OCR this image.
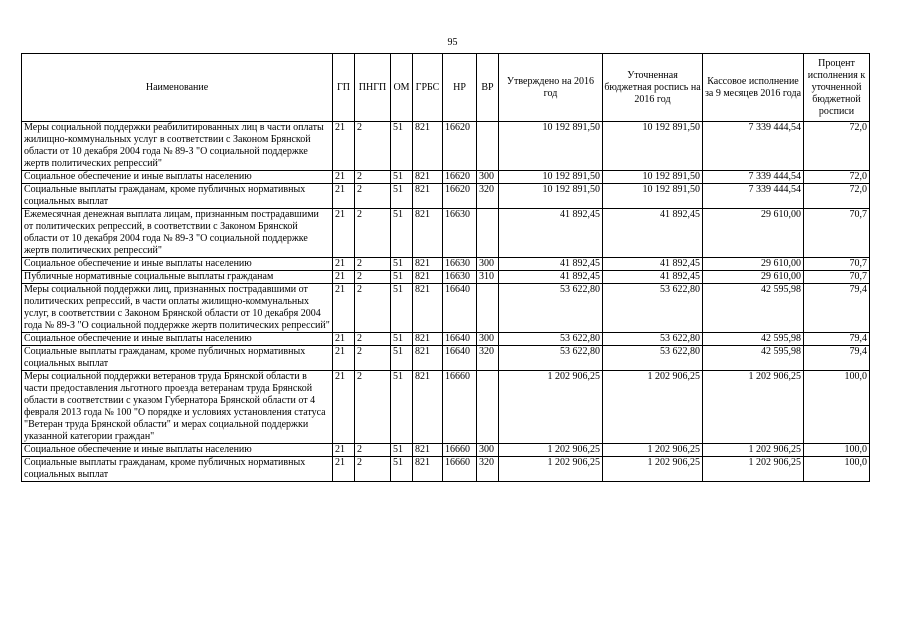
95
Наименование	ГП	ПНГП	ОМ	ГРБС	НР	ВР	Утверждено на 2016 год	Уточненная бюджетная роспись на 2016 год	Кассовое исполнение за 9 месяцев 2016 года	Процент исполнения к уточненной бюджетной росписи
Меры социальной поддержки реабилитированных лиц в части оплаты жилищно-коммунальных услуг в соответствии с Законом Брянской области от 10 декабря 2004 года № 89-З "О социальной поддержке жертв политических репрессий"	21	2	51	821	16620		10 192 891,50	10 192 891,50	7 339 444,54	72,0
Социальное обеспечение и иные выплаты населению	21	2	51	821	16620	300	10 192 891,50	10 192 891,50	7 339 444,54	72,0
Социальные выплаты гражданам, кроме публичных нормативных социальных выплат	21	2	51	821	16620	320	10 192 891,50	10 192 891,50	7 339 444,54	72,0
Ежемесячная денежная выплата лицам, признанным пострадавшими от политических репрессий, в соответствии с Законом Брянской области от 10 декабря 2004 года № 89-З "О социальной поддержке жертв политических репрессий"	21	2	51	821	16630		41 892,45	41 892,45	29 610,00	70,7
Социальное обеспечение и иные выплаты населению	21	2	51	821	16630	300	41 892,45	41 892,45	29 610,00	70,7
Публичные нормативные социальные выплаты гражданам	21	2	51	821	16630	310	41 892,45	41 892,45	29 610,00	70,7
Меры социальной поддержки лиц, признанных пострадавшими от политических репрессий, в части оплаты жилищно-коммунальных услуг, в соответствии с Законом Брянской области от 10 декабря 2004 года № 89-З "О социальной поддержке жертв политических репрессий"	21	2	51	821	16640		53 622,80	53 622,80	42 595,98	79,4
Социальное обеспечение и иные выплаты населению	21	2	51	821	16640	300	53 622,80	53 622,80	42 595,98	79,4
Социальные выплаты гражданам, кроме публичных нормативных социальных выплат	21	2	51	821	16640	320	53 622,80	53 622,80	42 595,98	79,4
Меры социальной поддержки ветеранов труда Брянской области в части предоставления льготного проезда ветеранам труда Брянской области в соответствии с указом Губернатора Брянской области от 4 февраля 2013 года № 100 "О порядке и условиях установления статуса "Ветеран труда Брянской области" и мерах социальной поддержки указанной категории граждан"	21	2	51	821	16660		1 202 906,25	1 202 906,25	1 202 906,25	100,0
Социальное обеспечение и иные выплаты населению	21	2	51	821	16660	300	1 202 906,25	1 202 906,25	1 202 906,25	100,0
Социальные выплаты гражданам, кроме публичных нормативных социальных выплат	21	2	51	821	16660	320	1 202 906,25	1 202 906,25	1 202 906,25	100,0
